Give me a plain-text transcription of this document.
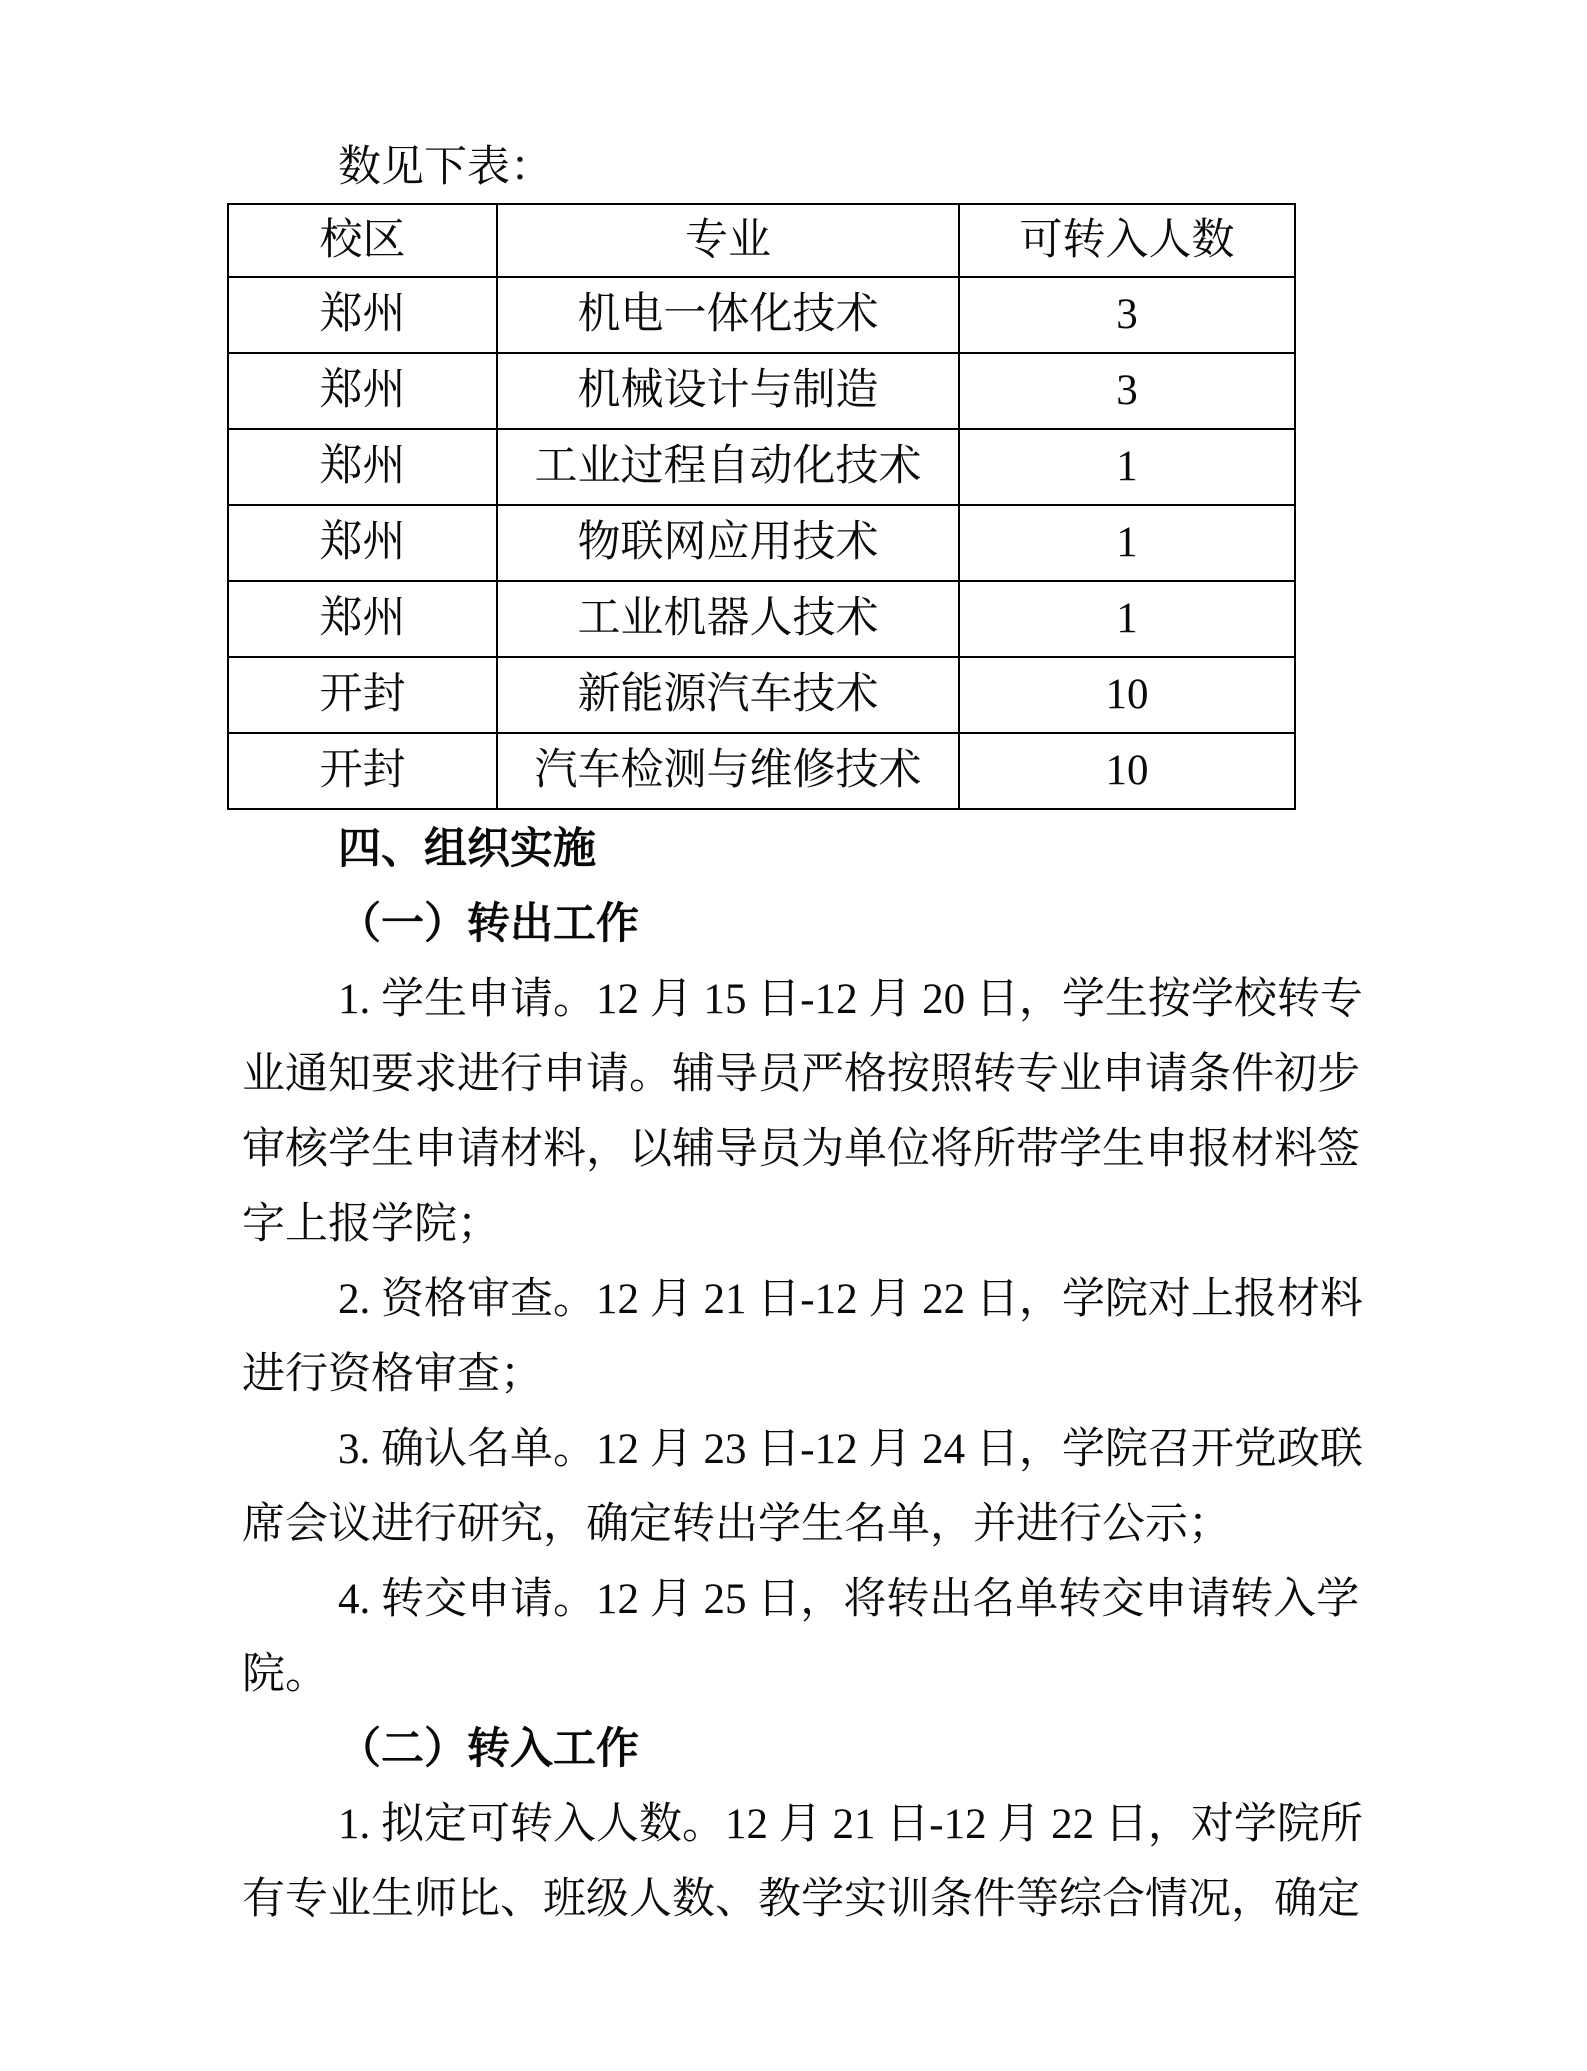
数见下表：

校区	专业	可转入人数
郑州	机电一体化技术	3
郑州	机械设计与制造	3
郑州	工业过程自动化技术	1
郑州	物联网应用技术	1
郑州	工业机器人技术	1
开封	新能源汽车技术	10
开封	汽车检测与维修技术	10
四、组织实施

（一）转出工作

1. 学生申请。12 月 15 日-12 月 20 日，学生按学校转专

业通知要求进行申请。辅导员严格按照转专业申请条件初步

审核学生申请材料，以辅导员为单位将所带学生申报材料签

字上报学院；

2. 资格审查。12 月 21 日-12 月 22 日，学院对上报材料

进行资格审查；

3. 确认名单。12 月 23 日-12 月 24 日，学院召开党政联

席会议进行研究，确定转出学生名单，并进行公示；

4. 转交申请。12 月 25 日，将转出名单转交申请转入学

院。

（二）转入工作

1. 拟定可转入人数。12 月 21 日-12 月 22 日，对学院所

有专业生师比、班级人数、教学实训条件等综合情况，确定
